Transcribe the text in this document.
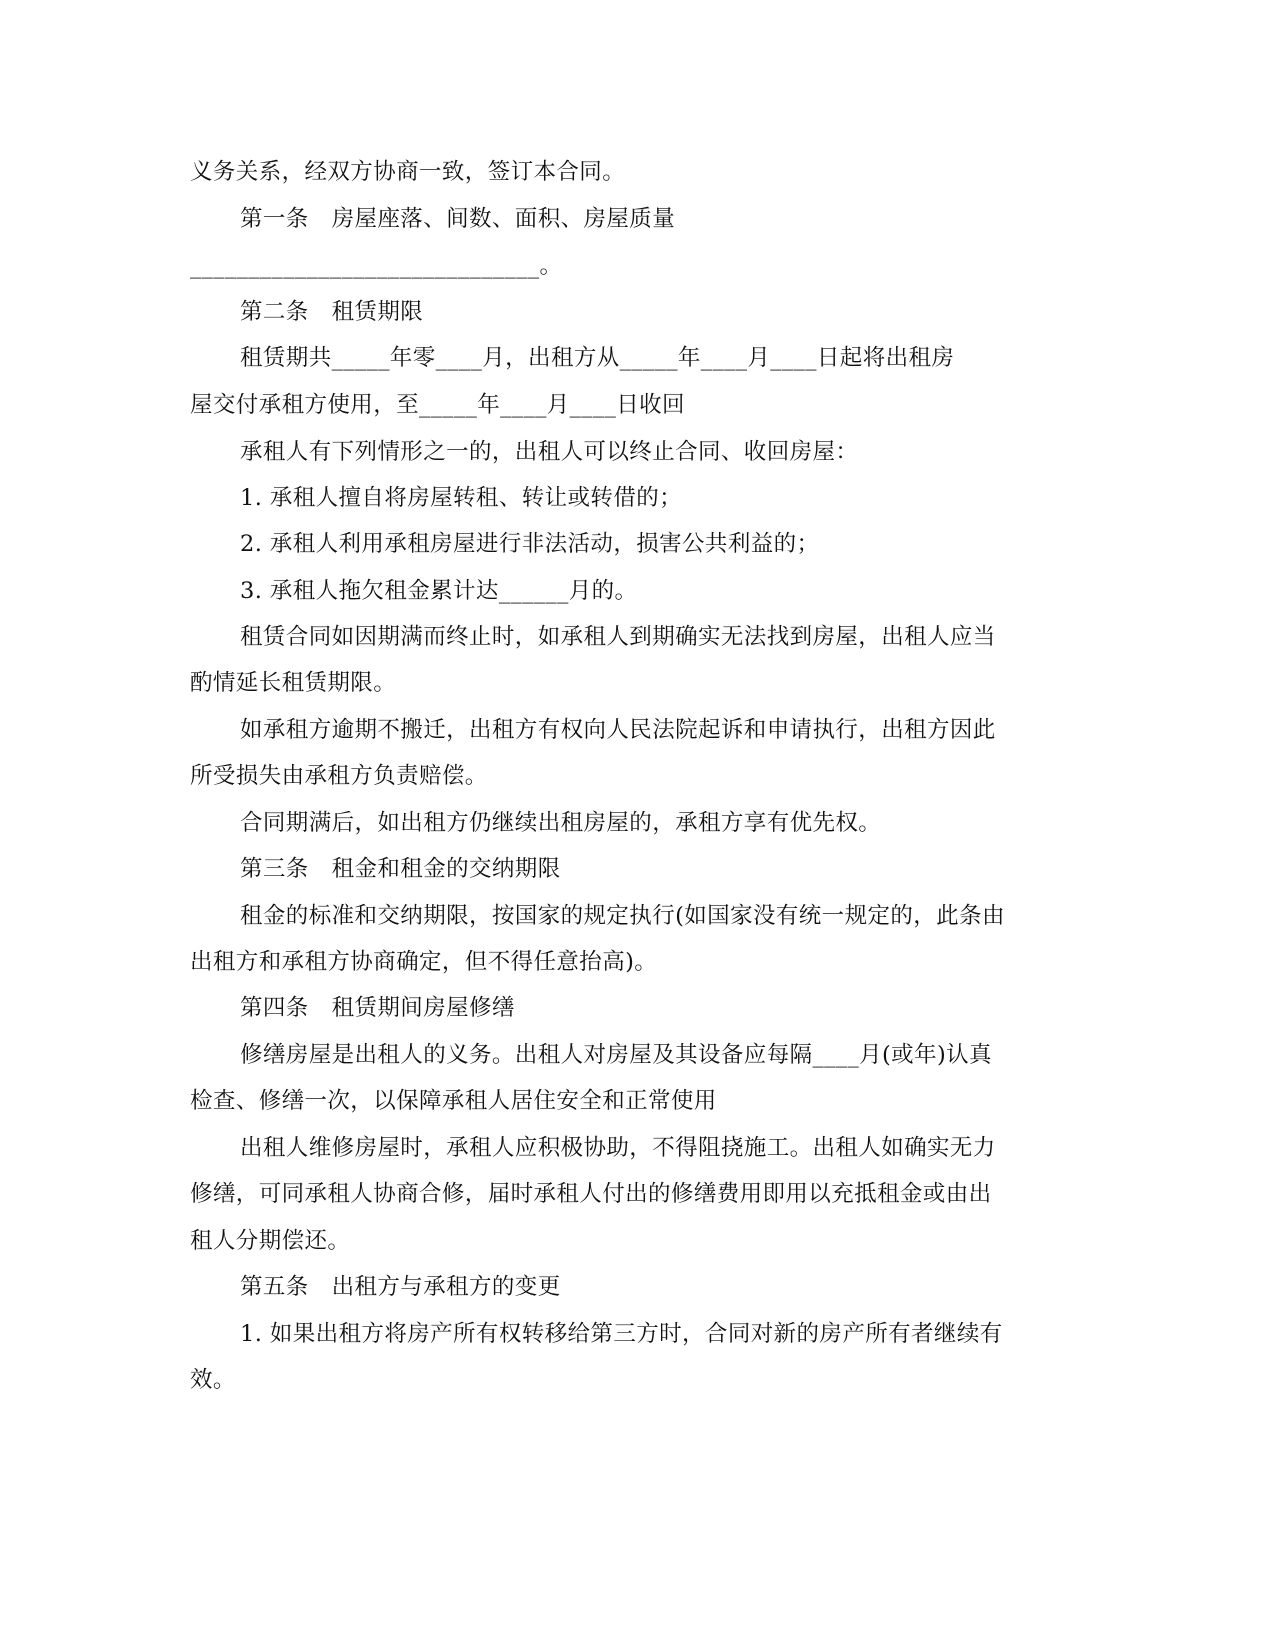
义务关系，经双方协商一致，签订本合同。
第一条　房屋座落、间数、面积、房屋质量
______________________________。
第二条　租赁期限
租赁期共_____年零____月，出租方从_____年____月____日起将出租房
屋交付承租方使用，至_____年____月____日收回
承租人有下列情形之一的，出租人可以终止合同、收回房屋：
1. 承租人擅自将房屋转租、转让或转借的；
2. 承租人利用承租房屋进行非法活动，损害公共利益的；
3. 承租人拖欠租金累计达______月的。
租赁合同如因期满而终止时，如承租人到期确实无法找到房屋，出租人应当
酌情延长租赁期限。
如承租方逾期不搬迁，出租方有权向人民法院起诉和申请执行，出租方因此
所受损失由承租方负责赔偿。
合同期满后，如出租方仍继续出租房屋的，承租方享有优先权。
第三条　租金和租金的交纳期限
租金的标准和交纳期限，按国家的规定执行(如国家没有统一规定的，此条由
出租方和承租方协商确定，但不得任意抬高)。
第四条　租赁期间房屋修缮
修缮房屋是出租人的义务。出租人对房屋及其设备应每隔____月(或年)认真
检查、修缮一次，以保障承租人居住安全和正常使用
出租人维修房屋时，承租人应积极协助，不得阻挠施工。出租人如确实无力
修缮，可同承租人协商合修，届时承租人付出的修缮费用即用以充抵租金或由出
租人分期偿还。
第五条　出租方与承租方的变更
1. 如果出租方将房产所有权转移给第三方时，合同对新的房产所有者继续有
效。
